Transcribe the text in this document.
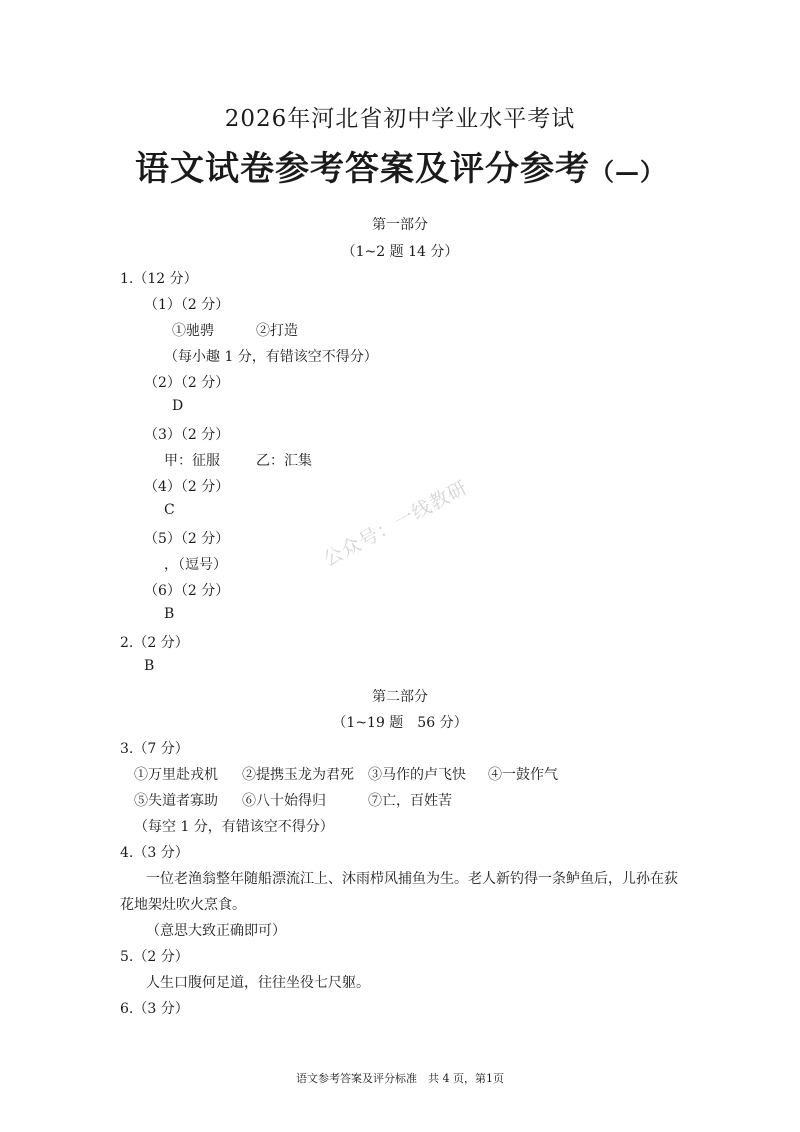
2026年河北省初中学业水平考试
语文试卷参考答案及评分参考（—）
第一部分
（1~2 题 14 分）
1.（12 分）
（1）（2 分）
①驰骋	②打造
（每小趣 1 分，有错该空不得分）
（2）（2 分）
D
（3）（2 分）
甲：征服	乙：汇集
（4）（2 分）
C
（5）（2 分）
，（逗号）
（6）（2 分）
B
2.（2 分）
B
第二部分
（1~19 题　56 分）
3.（7 分）
①万里赴戎机 ②提携玉龙为君死 ③马作的卢飞快 ④一鼓作气
⑤失道者寡助 ⑥八十始得归	⑦亡，百姓苦
（每空 1 分，有错该空不得分）
4.（3 分）
一位老渔翁整年随船漂流江上、沐雨栉风捕鱼为生。老人新钓得一条鲈鱼后，儿孙在荻
花地架灶吹火烹食。
（意思大致正确即可）
5.（2 分）
人生口腹何足道，往往坐役七尺躯。
6.（3 分）
公众号：一线教研
语文参考答案及评分标准　共 4 页，第1页
